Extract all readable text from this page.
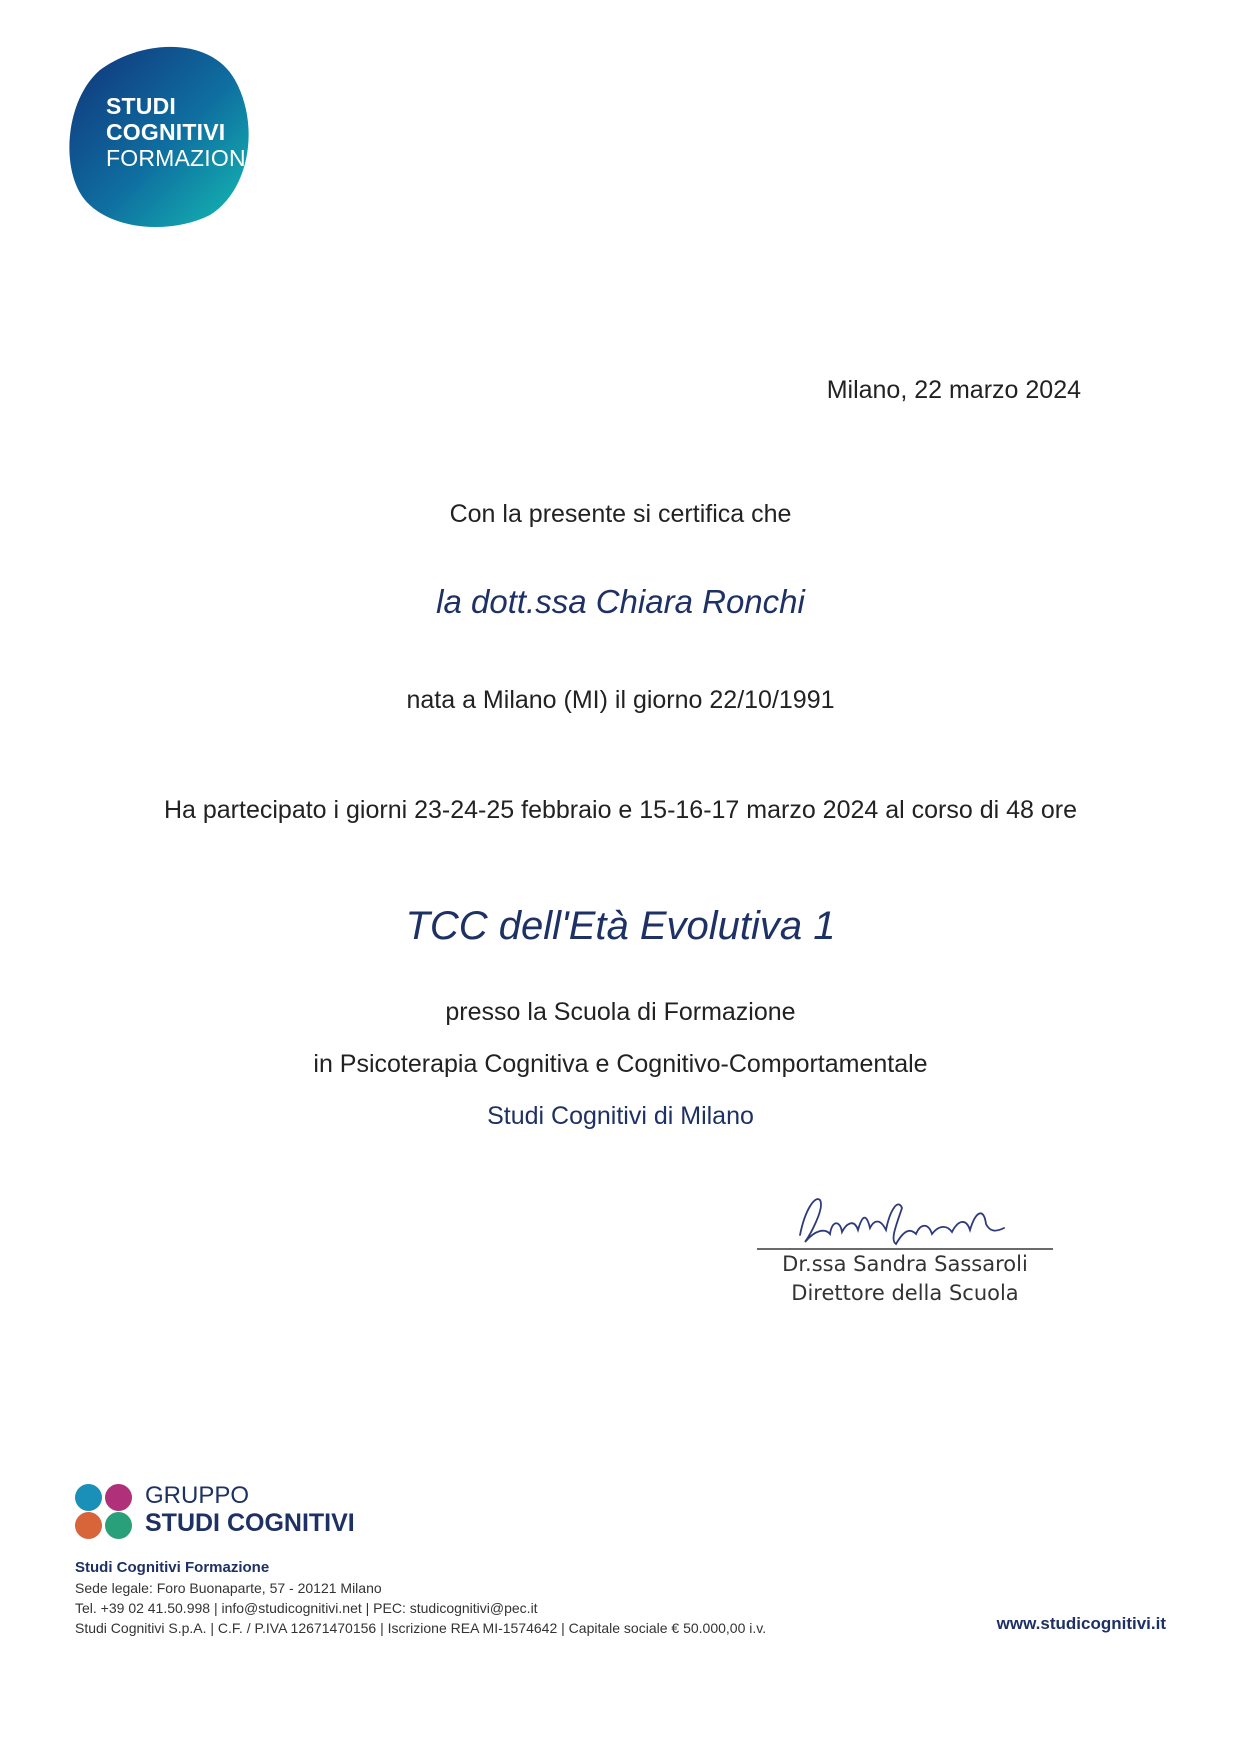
STUDI
COGNITIVI
FORMAZIONE
Milano, 22 marzo 2024
Con la presente si certifica che
la dott.ssa Chiara Ronchi
nata a Milano (MI) il giorno 22/10/1991
Ha partecipato i giorni 23-24-25 febbraio e 15-16-17 marzo 2024 al corso di 48 ore
TCC dell'Età Evolutiva 1
presso la Scuola di Formazione
in Psicoterapia Cognitiva e Cognitivo-Comportamentale
Studi Cognitivi di Milano
Dr.ssa Sandra Sassaroli
Direttore della Scuola
GRUPPO
STUDI COGNITIVI
Studi Cognitivi Formazione
Sede legale: Foro Buonaparte, 57 - 20121 Milano
Tel. +39 02 41.50.998 | info@studicognitivi.net | PEC: studicognitivi@pec.it
Studi Cognitivi S.p.A. | C.F. / P.IVA 12671470156 | Iscrizione REA MI-1574642 | Capitale sociale € 50.000,00 i.v.	www.studicognitivi.it
